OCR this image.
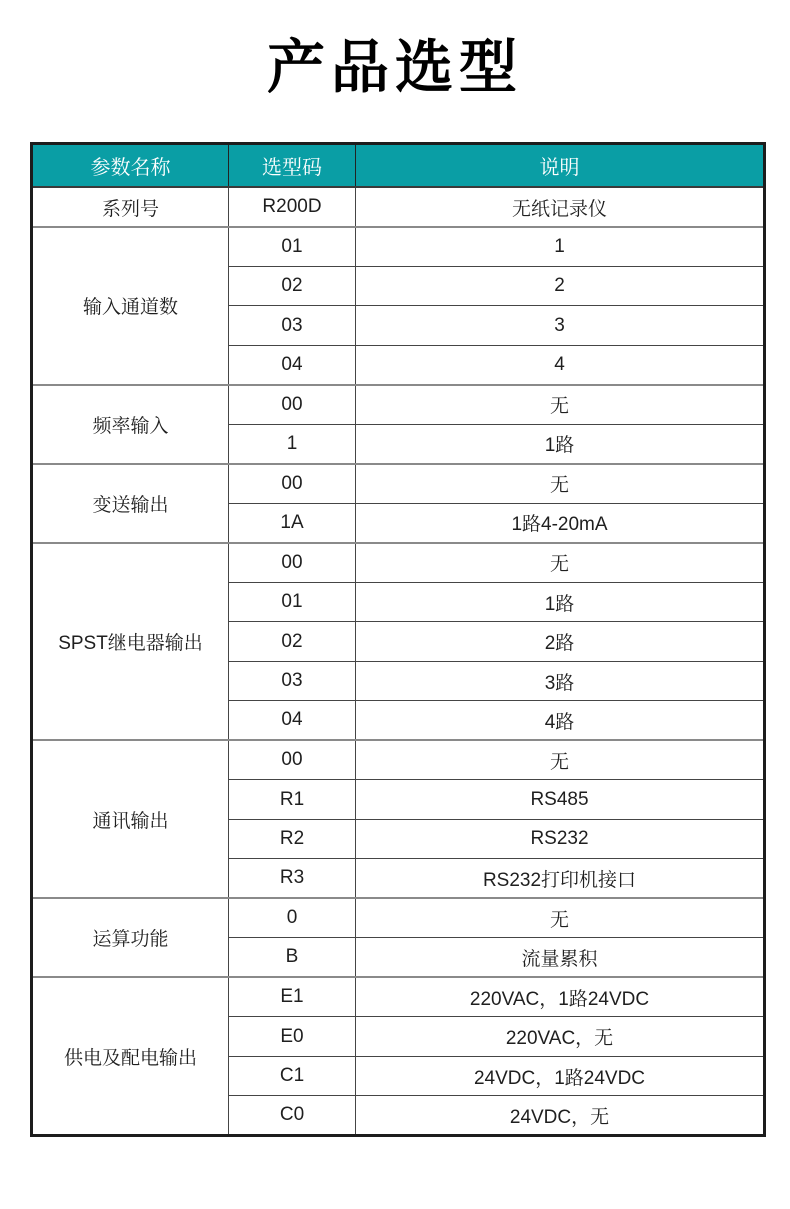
产品选型
参数名称	选型码	说明
系列号	R200D	无纸记录仪
输入通道数	01	1
	02	2
	03	3
	04	4
频率输入	00	无
	1	1路
变送输出	00	无
	1A	1路4-20mA
SPST继电器输出	00	无
	01	1路
	02	2路
	03	3路
	04	4路
通讯输出	00	无
	R1	RS485
	R2	RS232
	R3	RS232打印机接口
运算功能	0	无
	B	流量累积
供电及配电输出	E1	220VAC，1路24VDC
	E0	220VAC，无
	C1	24VDC，1路24VDC
	C0	24VDC，无
